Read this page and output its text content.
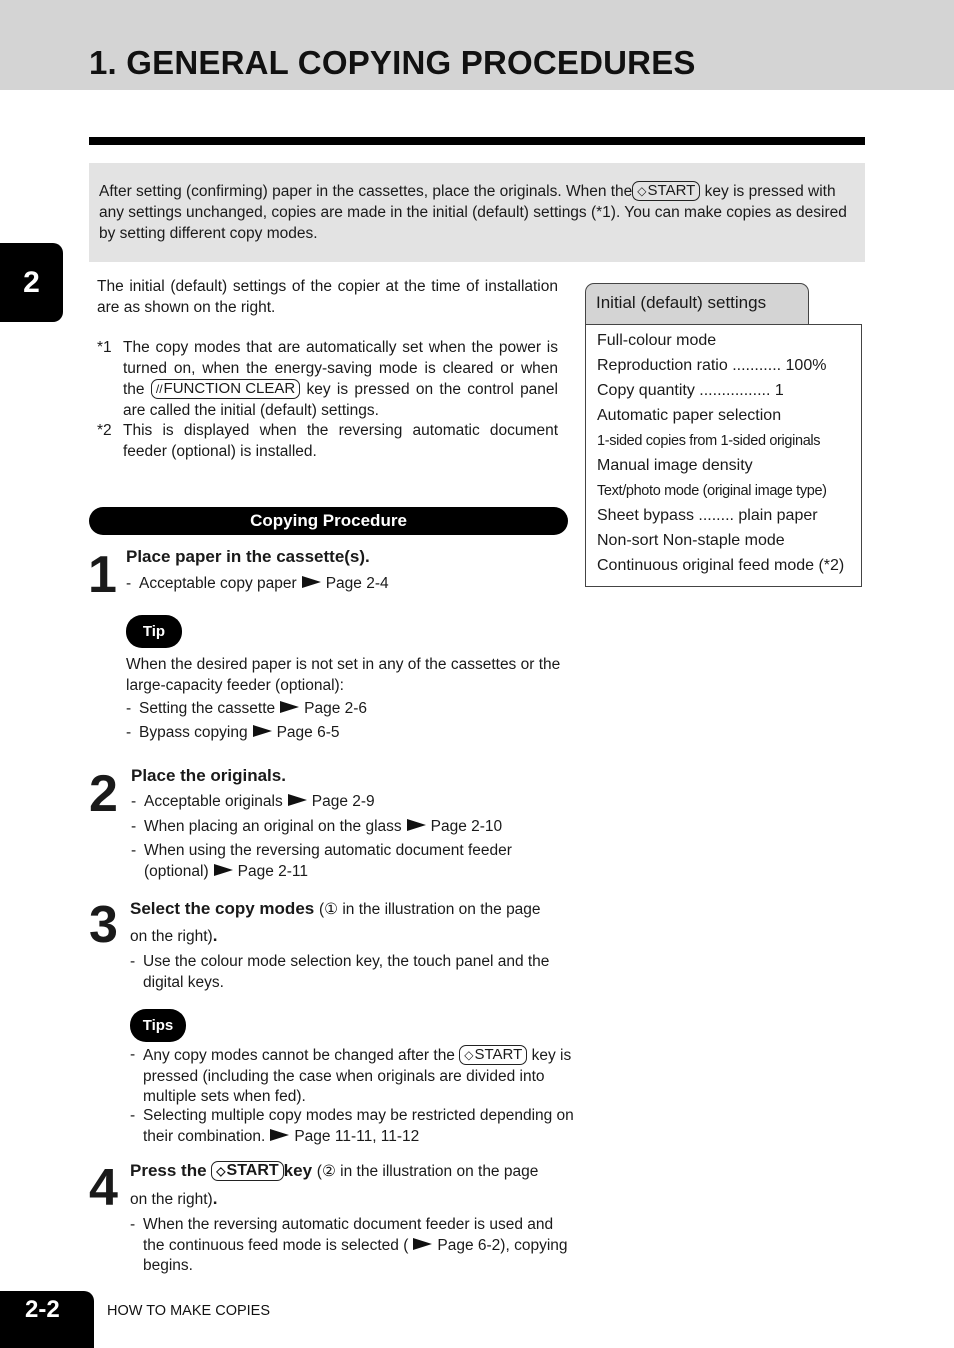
1. GENERAL COPYING PROCEDURES
After setting (confirming) paper in the cassettes, place the originals. When the ◇START key is pressed with any settings unchanged, copies are made in the initial (default) settings (*1). You can make copies as desired by setting different copy modes.
2	The initial (default) settings of the copier at the time of installation are as shown on the right.

*1 The copy modes that are automatically set when the power is turned on, when the energy-saving mode is cleared or when the //FUNCTION CLEAR key is pressed on the control panel are called the initial (default) settings.
*2 This is displayed when the reversing automatic document feeder (optional) is installed.
Initial (default) settings
Full-colour mode
Reproduction ratio ........... 100%
Copy quantity ................ 1
Automatic paper selection
1-sided copies from 1-sided originals
Manual image density
Text/photo mode (original image type)
Sheet bypass ........ plain paper
Non-sort Non-staple mode
Continuous original feed mode (*2)
Copying Procedure
1 Place paper in the cassette(s).
- Acceptable copy paper Page 2-4
Tip
When the desired paper is not set in any of the cassettes or the large-capacity feeder (optional):
- Setting the cassette Page 2-6
- Bypass copying Page 6-5
2 Place the originals.
- Acceptable originals Page 2-9
- When placing an original on the glass Page 2-10
- When using the reversing automatic document feeder (optional) Page 2-11
3 Select the copy modes (① in the illustration on the page
on the right).
- Use the colour mode selection key, the touch panel and the digital keys.
Tips
- Any copy modes cannot be changed after the ◇START key is pressed (including the case when originals are divided into multiple sets when fed).
- Selecting multiple copy modes may be restricted depending on their combination. Page 11-11, 11-12
4 Press the ◇START key (② in the illustration on the page
on the right).
- When the reversing automatic document feeder is used and the continuous feed mode is selected ( Page 6-2), copying begins.
2-2	HOW TO MAKE COPIES
